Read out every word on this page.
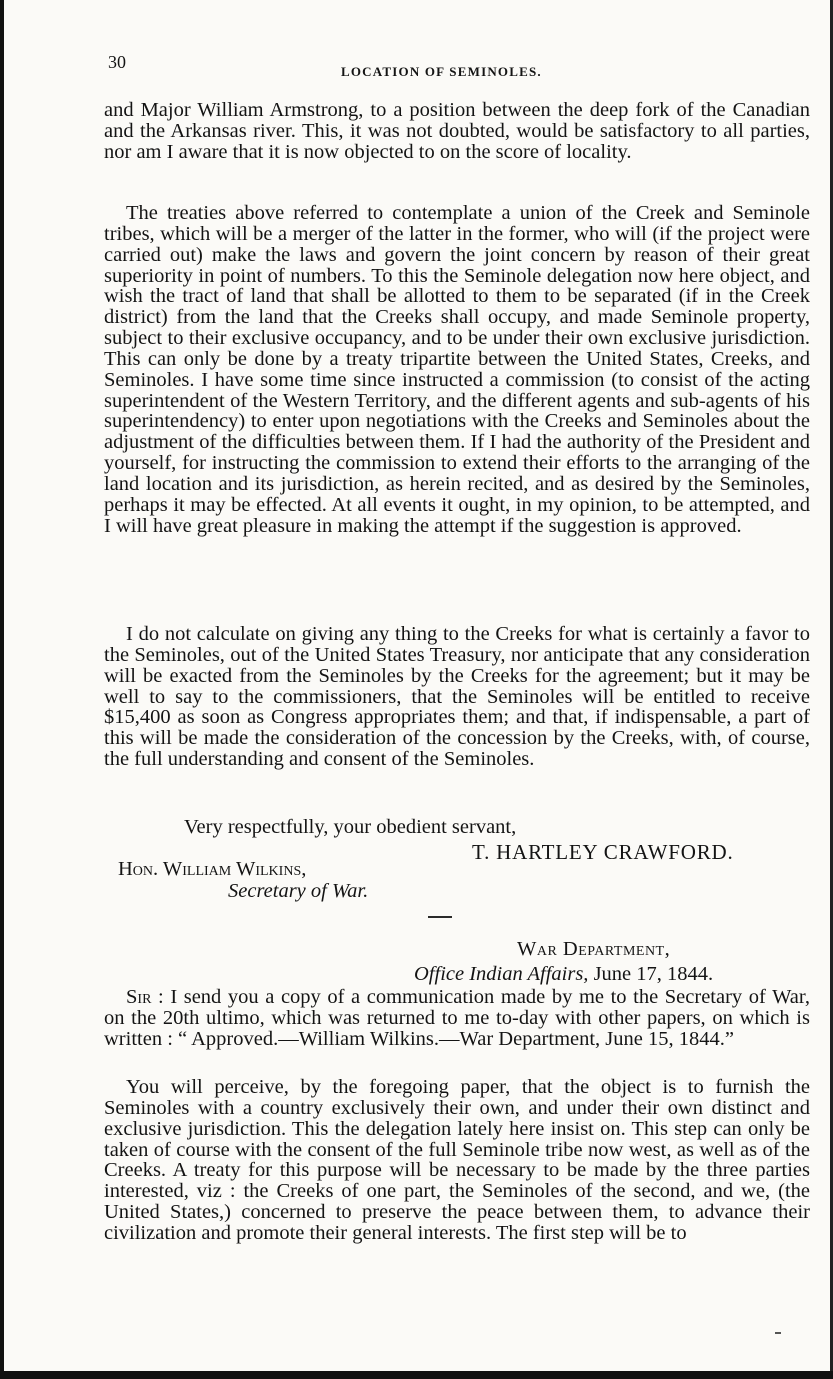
30	LOCATION OF SEMINOLES.

and Major William Armstrong, to a position between the deep fork of the Canadian and the Arkansas river. This, it was not doubted, would be satisfactory to all parties, nor am I aware that it is now objected to on the score of locality.

The treaties above referred to contemplate a union of the Creek and Seminole tribes, which will be a merger of the latter in the former, who will (if the project were carried out) make the laws and govern the joint concern by reason of their great superiority in point of numbers. To this the Seminole delegation now here object, and wish the tract of land that shall be allotted to them to be separated (if in the Creek district) from the land that the Creeks shall occupy, and made Seminole property, subject to their exclusive occupancy, and to be under their own exclusive jurisdiction. This can only be done by a treaty tripartite between the United States, Creeks, and Seminoles. I have some time since instructed a commission (to consist of the acting superintendent of the Western Territory, and the different agents and sub-agents of his superintendency) to enter upon negotiations with the Creeks and Seminoles about the adjustment of the difficulties between them. If I had the authority of the President and yourself, for instructing the commission to extend their efforts to the arranging of the land location and its jurisdiction, as herein recited, and as desired by the Seminoles, perhaps it may be effected. At all events it ought, in my opinion, to be attempted, and I will have great pleasure in making the attempt if the suggestion is approved.

I do not calculate on giving any thing to the Creeks for what is certainly a favor to the Seminoles, out of the United States Treasury, nor anticipate that any consideration will be exacted from the Seminoles by the Creeks for the agreement; but it may be well to say to the commissioners, that the Seminoles will be entitled to receive $15,400 as soon as Congress appropriates them; and that, if indispensable, a part of this will be made the consideration of the concession by the Creeks, with, of course, the full understanding and consent of the Seminoles.

Very respectfully, your obedient servant,
T. HARTLEY CRAWFORD.
Hon. William Wilkins,
Secretary of War.
War Department,
Office Indian Affairs, June 17, 1844.

Sir : I send you a copy of a communication made by me to the Secretary of War, on the 20th ultimo, which was returned to me to-day with other papers, on which is written : “ Approved.—William Wilkins.—War Department, June 15, 1844.”

You will perceive, by the foregoing paper, that the object is to furnish the Seminoles with a country exclusively their own, and under their own distinct and exclusive jurisdiction. This the delegation lately here insist on. This step can only be taken of course with the consent of the full Seminole tribe now west, as well as of the Creeks. A treaty for this purpose will be necessary to be made by the three parties interested, viz : the Creeks of one part, the Seminoles of the second, and we, (the United States,) concerned to preserve the peace between them, to advance their civilization and promote their general interests. The first step will be to
